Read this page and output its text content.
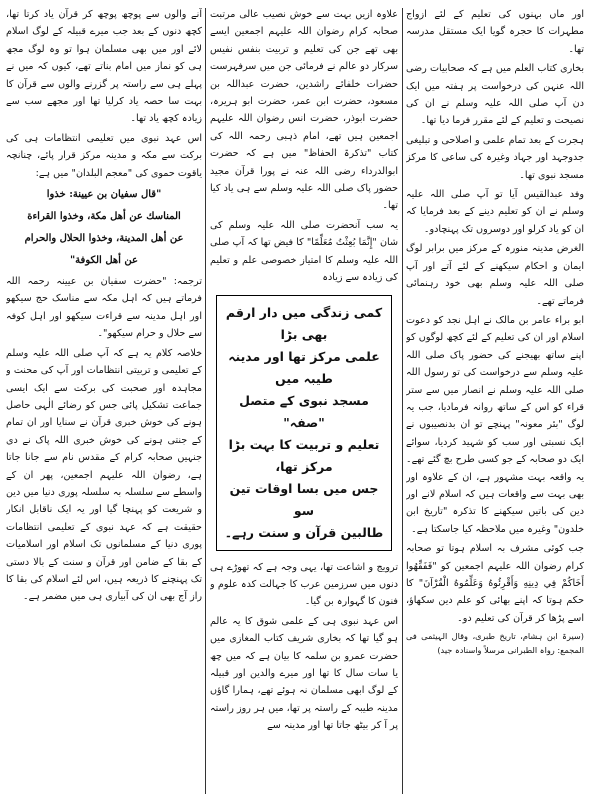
اور ماں بہنوں کی تعلیم کے لئے ازواج مطہرات کا حجرہ گویا ایک مستقل مدرسہ تھا۔

بخاری کتاب العلم میں ہے کہ صحابیات رضی اللہ عنہن کی درخواست پر ہفتہ میں ایک دن آپ صلی اللہ علیہ وسلم نے ان کی نصیحت و تعلیم کے لئے مقرر فرما دیا تھا۔

ہجرت کے بعد تمام علمی و اصلاحی و تبلیغی جدوجہد اور جہاد وغیرہ کی ساعی کا مرکز مسجد نبوی تھا۔

وفد عبدالقیس آیا تو آپ صلی اللہ علیہ وسلم نے ان کو تعلیم دینے کے بعد فرمایا کہ ان کو یاد کرلو اور دوسروں تک پہنچادو۔

الغرض مدینہ منورہ کے مرکز میں برابر لوگ ایمان و احکام سیکھنے کے لئے آتے اور آپ صلی اللہ علیہ وسلم بھی خود رہنمائی فرماتے تھے۔

ابو براء عامر بن مالک نے اہل نجد کو دعوت اسلام اور ان کی تعلیم کے لئے کچھ لوگوں کو اپنے ساتھ بھیجنے کی حضور پاک صلی اللہ علیہ وسلم سے درخواست کی تو رسول اللہ صلی اللہ علیہ وسلم نے انصار میں سے ستر قراء کو اس کے ساتھ روانہ فرمادیا، جب یہ لوگ "بئر معونہ" پہنچے تو ان بدنصیبوں نے ایک نسبتی اور سب کو شہید کردیا، سوائے ایک دو صحابہ کے جو کسی طرح بچ گئے تھے۔ یہ واقعہ بہت مشہور ہے، ان کے علاوہ اور بھی بہت سے واقعات ہیں کہ اسلام لانے اور دین کی باتیں سیکھنے کا تذکرہ "تاریخ ابن خلدون" وغیرہ میں ملاحظہ کیا جاسکتا ہے۔

جب کوئی مشرف بہ اسلام ہوتا تو صحابہ کرام رضوان اللہ علیہم اجمعین کو "فَفَقِّهُوا أَخَاكُمْ فِي دِينِهِ وَأَقْرِئُوهُ وَعَلِّمُوهُ الْقُرْآنَ" کا حکم ہوتا کہ اپنے بھائی کو علم دین سکھاؤ، اسے پڑھا کر قرآن کی تعلیم دو۔

(سیرۃ ابن ہشام، تاریخ طبری، وقال الہیثمی فی المجمع: رواہ الطبرانی مرسلاً واسنادہ جید)

علاوہ ازیں بہت سے خوش نصیب عالی مرتبت صحابہ کرام رضوان اللہ علیہم اجمعین ایسے بھی تھے جن کی تعلیم و تربیت بنفس نفیس سرکار دو عالم نے فرمائی جن میں سرفہرست حضرات خلفائے راشدین، حضرت عبداللہ بن مسعود، حضرت ابن عمر، حضرت ابو ہریرہ، حضرت ابوذر، حضرت انس رضوان اللہ علیہم اجمعین ہیں تھے، امام ذہبی رحمہ اللہ کی کتاب "تذکرۃ الحفاظ" میں ہے کہ حضرت ابوالدرداء رضی اللہ عنہ نے پورا قرآن مجید حضور پاک صلی اللہ علیہ وسلم سے ہی یاد کیا تھا۔

یہ سب آنحضرت صلی اللہ علیہ وسلم کی شان "إِنَّمَا بُعِثْتُ مُعَلِّمًا" کا فیض تھا کہ آپ صلی اللہ علیہ وسلم کا امتیاز خصوصی علم و تعلیم کی زیادہ سے زیادہ

کمی زندگی میں دار ارقم بھی بڑا

علمی مرکز تھا اور مدینہ طیبہ میں

مسجد نبوی کے متصل "صفہ"

تعلیم و تربیت کا بہت بڑا مرکز تھا،

جس میں بسا اوقات تین سو

طالبین قرآن و سنت رہے۔

ترویج و اشاعت تھا، یہی وجہ ہے کہ تھوڑے ہی دنوں میں سرزمین عرب کا جہالت کدہ علوم و فنون کا گہوارہ بن گیا۔

اس عہد نبوی ہی کے علمی شوق کا یہ عالم ہو گیا تھا کہ بخاری شریف کتاب المغازی میں حضرت عمرو بن سلمہ کا بیان ہے کہ میں چھ یا سات سال کا تھا اور میرے والدین اور قبیلہ کے لوگ ابھی مسلمان نہ ہوئے تھے، ہمارا گاؤں مدینہ طیبہ کے راستہ پر تھا، میں ہر روز راستہ پر آ کر بیٹھ جاتا تھا اور مدینہ سے

آنے والوں سے پوچھ پوچھ کر قرآن یاد کرتا تھا، کچھ دنوں کے بعد جب میرے قبیلہ کے لوگ اسلام لائے اور میں بھی مسلمان ہوا تو وہ لوگ مجھ ہی کو نماز میں امام بناتے تھے، کیوں کہ میں نے پہلے ہی سے راستہ پر گزرنے والوں سے قرآن کا بہت سا حصہ یاد کرلیا تھا اور مجھے سب سے زیادہ کچھ یاد تھا۔

اس عہد نبوی میں تعلیمی انتظامات ہی کی برکت سے مکہ و مدینہ مرکز قرار پائے، چنانچہ یاقوت حموی کی "معجم البلدان" میں ہے:

"قال سفيان بن عيينة: خذوا

المناسك عن أهل مكة، وخذوا القراءة

عن أهل المدينة، وخذوا الحلال والحرام

عن أهل الكوفة"

ترجمہ: "حضرت سفیان بن عیینہ رحمہ اللہ فرماتے ہیں کہ اہل مکہ سے مناسک حج سیکھو اور اہل مدینہ سے قراءت سیکھو اور اہل کوفہ سے حلال و حرام سیکھو"۔

خلاصہ کلام یہ ہے کہ آپ صلی اللہ علیہ وسلم کے تعلیمی و تربیتی انتظامات اور آپ کی محنت و مجاہدہ اور صحبت کی برکت سے ایک ایسی جماعت تشکیل پائی جس کو رضائے الٰہی حاصل ہونے کی خوش خبری قرآن نے سنایا اور ان تمام کے جنتی ہونے کی خوش خبری اللہ پاک نے دی جنہیں صحابہ کرام کے مقدس نام سے جانا جاتا ہے، رضوان اللہ علیہم اجمعین، پھر ان کے واسطے سے سلسلہ بہ سلسلہ پوری دنیا میں دین و شریعت کو پہنچا گیا اور یہ ایک ناقابل انکار حقیقت ہے کہ عہد نبوی کے تعلیمی انتظامات پوری دنیا کے مسلمانوں تک اسلام اور اسلامیات کے بقا کے ضامن اور قرآن و سنت کے بالا دستی تک پہنچنے کا ذریعہ ہیں، اس لئے اسلام کی بقا کا راز آج بھی ان کی آبیاری ہی میں مضمر ہے۔
